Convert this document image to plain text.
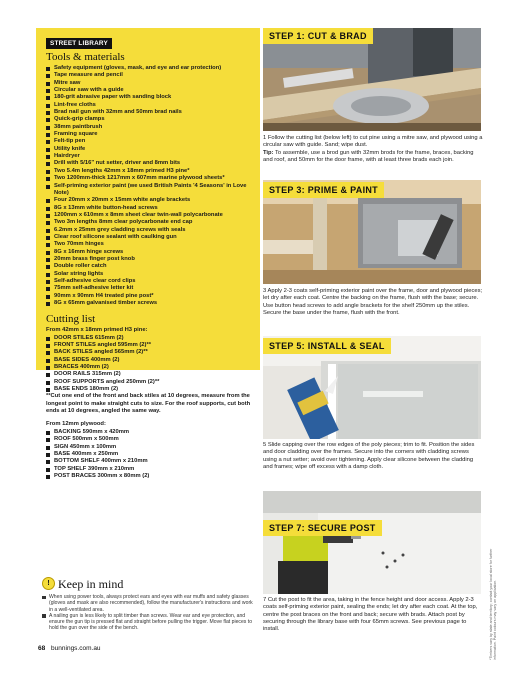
STREET LIBRARY
Tools & materials
Safety equipment (gloves, mask, and eye and ear protection)
Tape measure and pencil
Mitre saw
Circular saw with a guide
180-grit abrasive paper with sanding block
Lint-free cloths
Brad nail gun with 32mm and 50mm brad nails
Quick-grip clamps
38mm paintbrush
Framing square
Felt-tip pen
Utility knife
Hairdryer
Drill with 5/16" nut setter, driver and 8mm bits
Two 5.4m lengths 42mm x 18mm primed H3 pine*
Two 1200mm-thick 1217mm x 607mm marine plywood sheets*
Self-priming exterior paint (we used British Paints '4 Seasons' in Love Note)
Four 20mm x 20mm x 15mm white angle brackets
8G x 13mm white button-head screws
1200mm x 610mm x 8mm sheet clear twin-wall polycarbonate
Two 3m lengths 8mm clear polycarbonate end cap
6.2mm x 25mm grey cladding screws with seals
Clear roof silicone sealant with caulking gun
Two 70mm hinges
8G x 16mm hinge screws
20mm brass finger post knob
Double roller catch
Solar string lights
Self-adhesive clear cord clips
75mm self-adhesive letter kit
90mm x 90mm H4 treated pine post*
8G x 65mm galvanised timber screws
Cutting list
From 42mm x 18mm primed H3 pine:
DOOR STILES 615mm (2)
FRONT STILES angled 595mm (2)**
BACK STILES angled 565mm (2)**
BASE SIDES 400mm (2)
BRACES 400mm (2)
DOOR RAILS 315mm (2)
ROOF SUPPORTS angled 250mm (2)**
BASE ENDS 180mm (2)
**Cut one end of the front and back stiles at 10 degrees, measure from the longest point to make straight cuts to size. For the roof supports, cut both ends at 10 degrees, angled the same way.
From 12mm plywood:
BACKING 590mm x 420mm
ROOF 500mm x 500mm
SIGN 450mm x 100mm
BASE 400mm x 250mm
BOTTOM SHELF 400mm x 210mm
TOP SHELF 390mm x 210mm
POST BRACES 300mm x 80mm (2)
! Keep in mind
When using power tools, always protect ears and eyes with ear muffs and safety glasses (gloves and mask are also recommended), follow the manufacturer's instructions and work in a well-ventilated area.
A nailing gun is less likely to split timber than screws. Wear ear and eye protection, and ensure the gun tip is pressed flat and straight before pulling the trigger. Move flat pieces to hold the gun over the side of the bench.
68 bunnings.com.au
STEP 1: CUT & BRAD
1 Follow the cutting list (below left) to cut pine using a mitre saw, and plywood using a circular saw with guide. Sand; wipe dust.
Tip: To assemble, use a brod gun with 32mm brods for the frame, braces, backing and roof, and 50mm for the door frame, with at least three brads each join.
STEP 3: PRIME & PAINT
3 Apply 2-3 coats self-priming exterior paint over the frame, door and plywood pieces; let dry after each coat. Centre the backing on the frame, flush with the base; secure. Use button head screws to add angle brackets for the shelf 250mm up the stiles. Secure the base under the frame, flush with the front.
STEP 5: INSTALL & SEAL
5 Slide capping over the row edges of the poly pieces; trim to fit. Position the sides and door cladding over the frames. Secure into the corners with cladding screws using a nut setter; avoid over tightening. Apply clear silicone between the cladding and frames; wipe off excess with a damp cloth.
STEP 7: SECURE POST
7 Cut the post to fit the area, taking in the fence height and door access. Apply 2-3 coats self-priming exterior paint, sealing the ends; let dry after each coat. At the top, centre the post braces on the front and back; secure with brads. Attach post by securing through the library base with four 65mm screws. See previous page to install.	*Timbers vary by state and territory; contact your local store for further information. Paint colours may vary on application.
